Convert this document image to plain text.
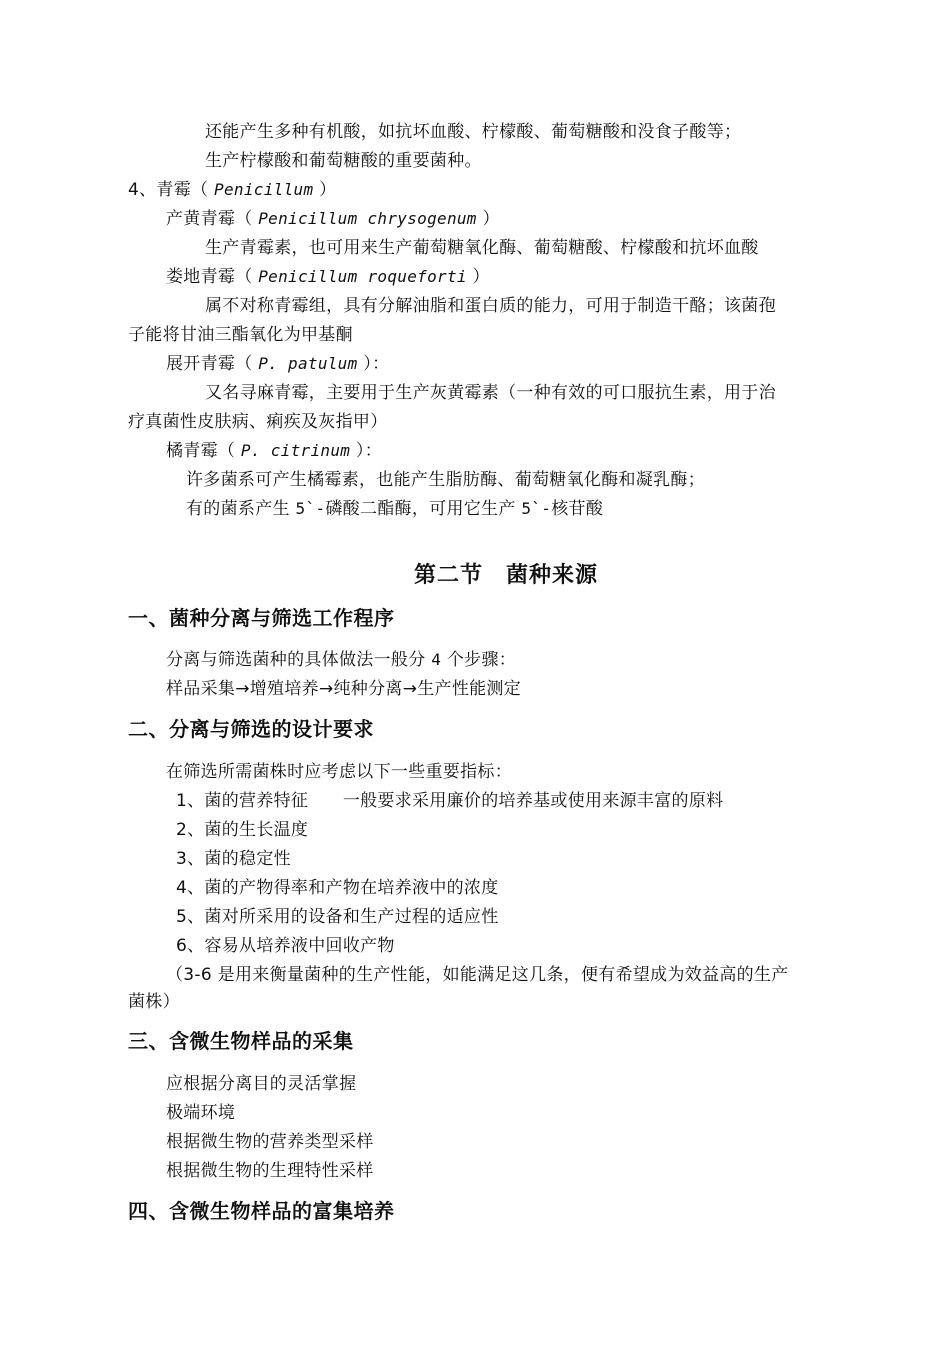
还能产生多种有机酸，如抗坏血酸、柠檬酸、葡萄糖酸和没食子酸等；
生产柠檬酸和葡萄糖酸的重要菌种。
4、青霉（ Penicillum ）
产黄青霉（ Penicillum chrysogenum ）
生产青霉素，也可用来生产葡萄糖氧化酶、葡萄糖酸、柠檬酸和抗坏血酸
娄地青霉（ Penicillum roqueforti ）
属不对称青霉组，具有分解油脂和蛋白质的能力，可用于制造干酪；该菌孢
子能将甘油三酯氧化为甲基酮
展开青霉（ P. patulum ）：
又名寻麻青霉，主要用于生产灰黄霉素（一种有效的可口服抗生素，用于治
疗真菌性皮肤病、痢疾及灰指甲）
橘青霉（ P. citrinum ）：
许多菌系可产生橘霉素，也能产生脂肪酶、葡萄糖氧化酶和凝乳酶；
有的菌系产生 5`-磷酸二酯酶，可用它生产 5`-核苷酸
第二节　菌种来源
一、菌种分离与筛选工作程序
分离与筛选菌种的具体做法一般分 4 个步骤：
样品采集→增殖培养→纯种分离→生产性能测定
二、分离与筛选的设计要求
在筛选所需菌株时应考虑以下一些重要指标：
1、菌的营养特征　　一般要求采用廉价的培养基或使用来源丰富的原料
2、菌的生长温度
3、菌的稳定性
4、菌的产物得率和产物在培养液中的浓度
5、菌对所采用的设备和生产过程的适应性
6、容易从培养液中回收产物
（3-6 是用来衡量菌种的生产性能，如能满足这几条，便有希望成为效益高的生产
菌株）
三、含微生物样品的采集
应根据分离目的灵活掌握
极端环境
根据微生物的营养类型采样
根据微生物的生理特性采样
四、含微生物样品的富集培养
